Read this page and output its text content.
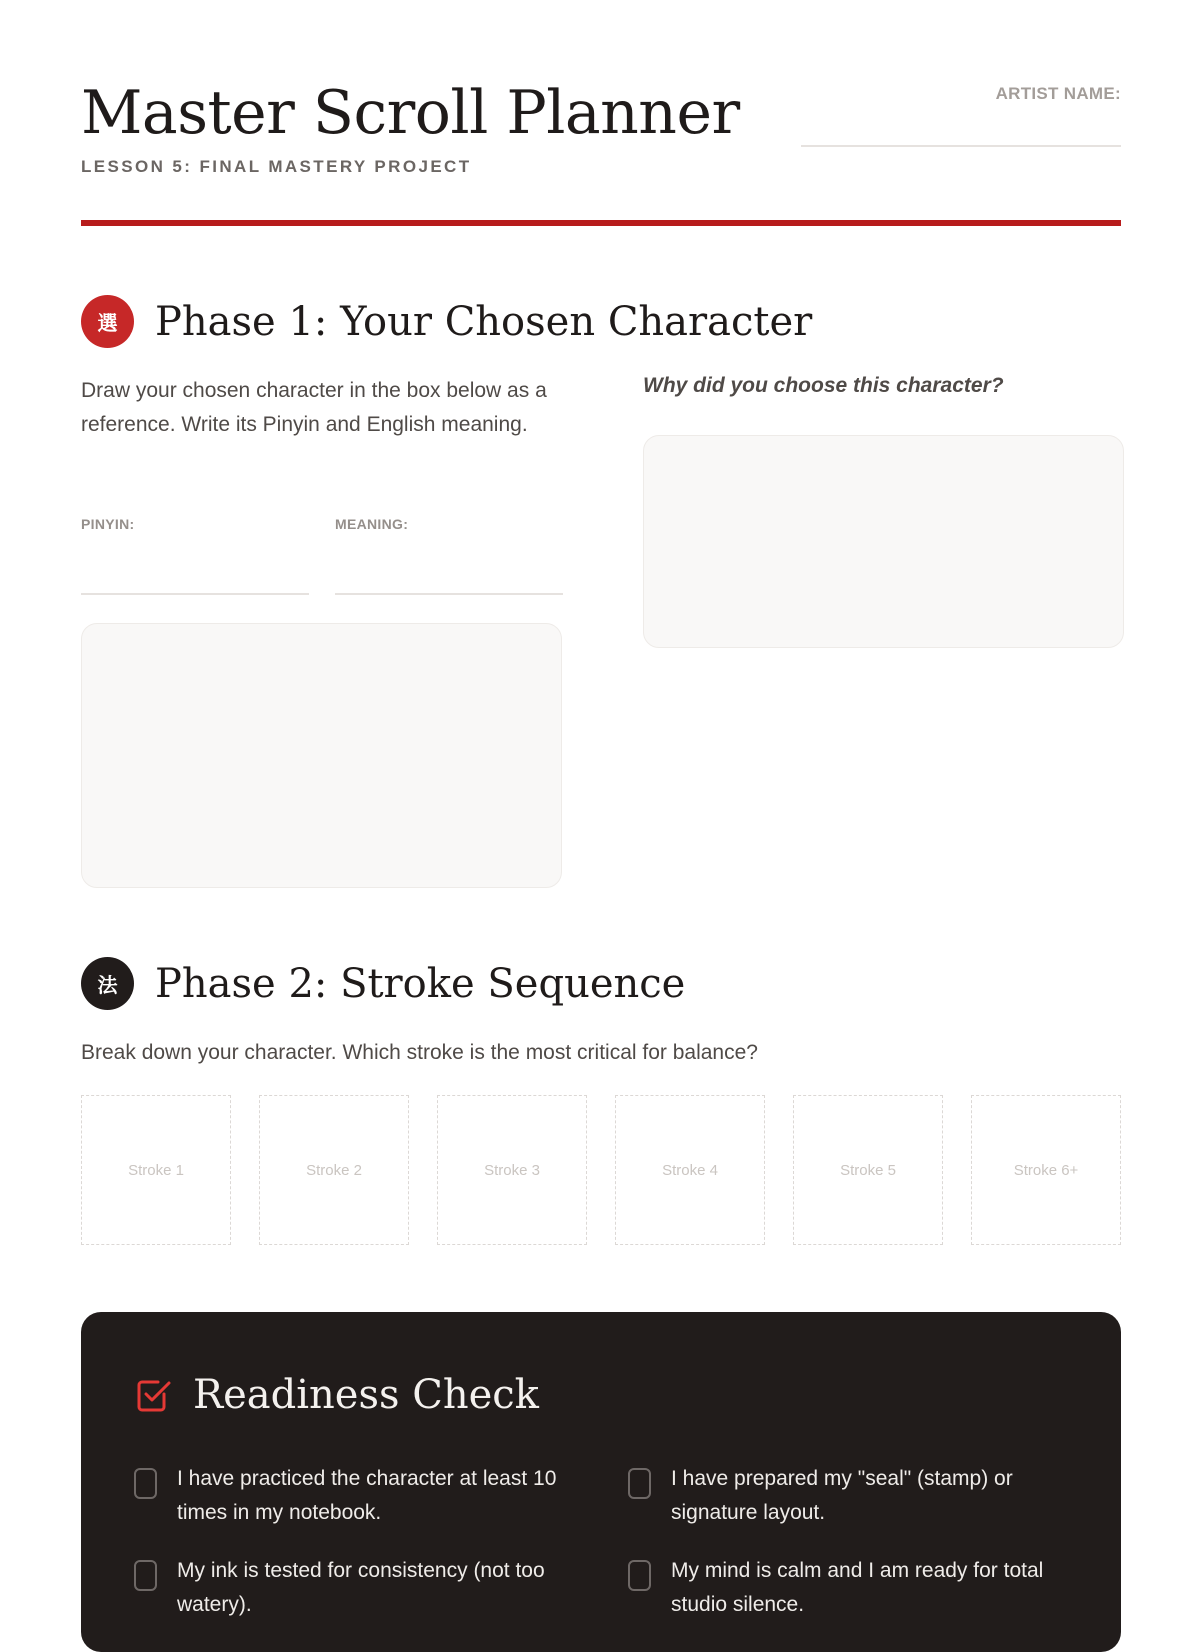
Master Scroll Planner
LESSON 5: FINAL MASTERY PROJECT
ARTIST NAME:
選 Phase 1: Your Chosen Character
Draw your chosen character in the box below as a reference. Write its Pinyin and English meaning.
PINYIN:	MEANING:
Why did you choose this character?
法 Phase 2: Stroke Sequence
Break down your character. Which stroke is the most critical for balance?
Stroke 1	Stroke 2	Stroke 3	Stroke 4	Stroke 5	Stroke 6+
Readiness Check
I have practiced the character at least 10 times in my notebook.
I have prepared my "seal" (stamp) or signature layout.
My ink is tested for consistency (not too watery).
My mind is calm and I am ready for total studio silence.
